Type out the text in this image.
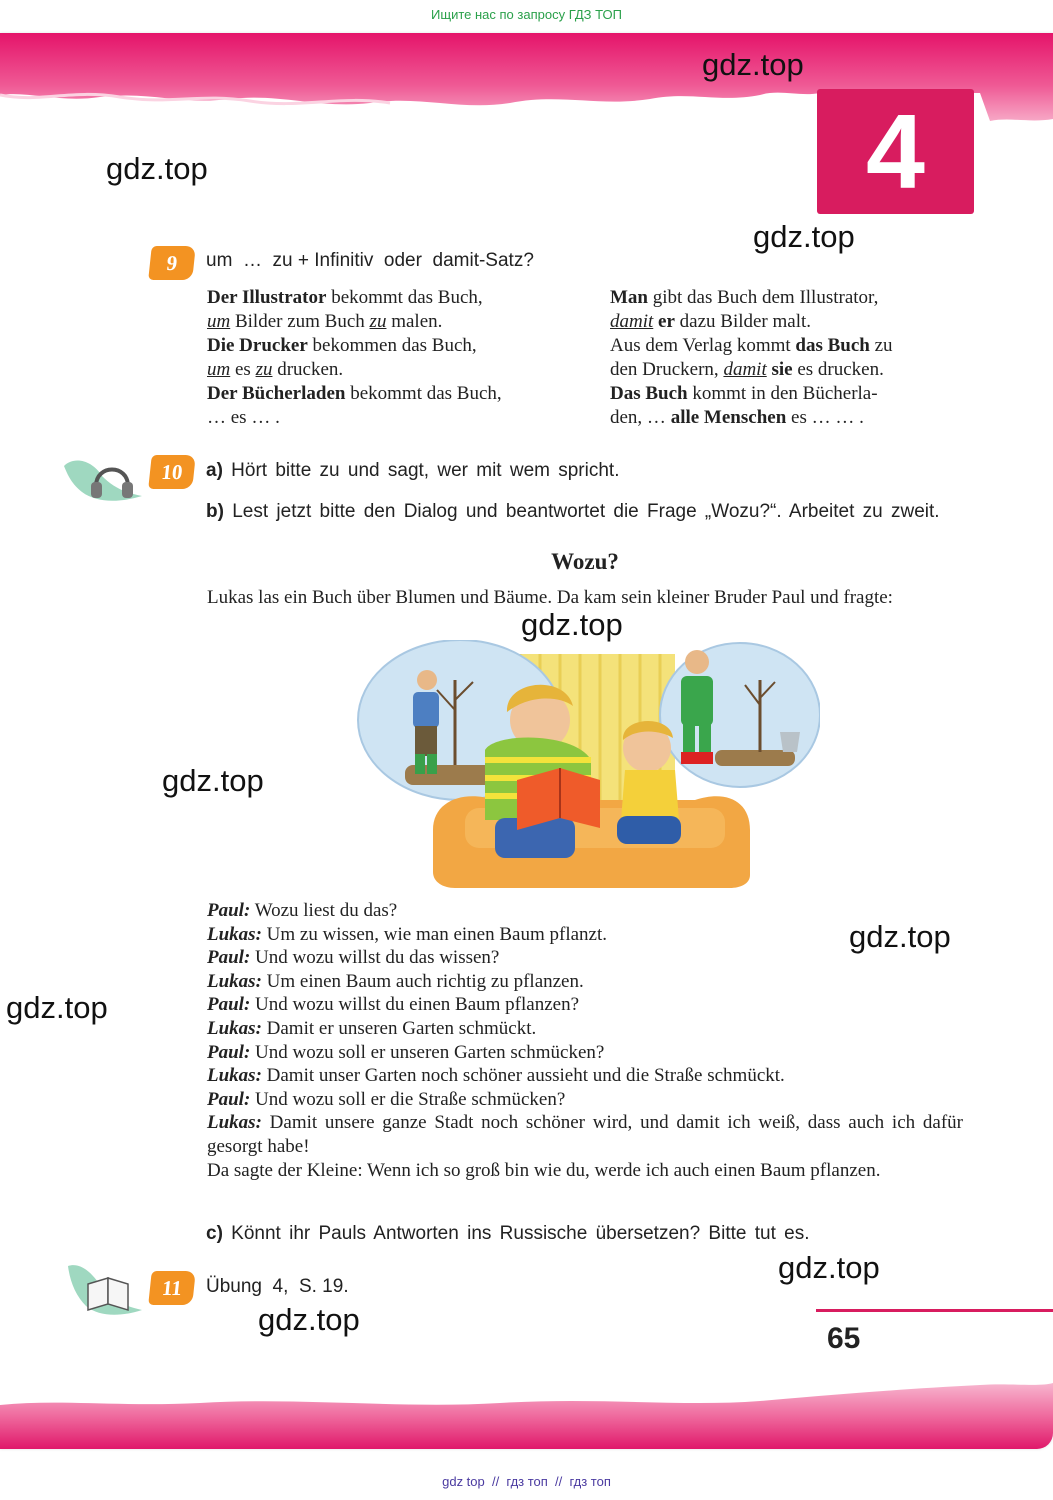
Ищите нас по запросу ГДЗ ТОП
4
gdz.top
gdz.top
gdz.top
gdz.top
gdz.top
gdz.top
gdz.top
gdz.top
gdz.top
9	um  …  zu + Infinitiv  oder  damit-Satz?

Der Illustrator bekommt das Buch,

um Bilder zum Buch zu malen.

Die Drucker bekommen das Buch,

um es zu drucken.

Der Bücherladen bekommt das Buch,

… es … .

Man gibt das Buch dem Illustrator,

damit er dazu Bilder malt.

Aus dem Verlag kommt das Buch zu

den Druckern, damit sie es drucken.

Das Buch kommt in den Bücherla-

den, … alle Menschen es … … .

10	a) Hört bitte zu und sagt, wer mit wem spricht.
b) Lest jetzt bitte den Dialog und beantwortet die Frage „Wozu?“. Arbeitet zu zweit.
Wozu?
Lukas las ein Buch über Blumen und Bäume. Da kam sein kleiner Bruder Paul und fragte:
Paul: Wozu liest du das?
Lukas: Um zu wissen, wie man einen Baum pflanzt.
Paul: Und wozu willst du das wissen?
Lukas: Um einen Baum auch richtig zu pflanzen.
Paul: Und wozu willst du einen Baum pflanzen?
Lukas: Damit er unseren Garten schmückt.
Paul: Und wozu soll er unseren Garten schmücken?
Lukas: Damit unser Garten noch schöner aussieht und die Straße schmückt.
Paul: Und wozu soll er die Straße schmücken?
Lukas: Damit unsere ganze Stadt noch schöner wird, und damit ich weiß, dass auch ich dafür gesorgt habe!
Da sagte der Kleine: Wenn ich so groß bin wie du, werde ich auch einen Baum pflanzen.
c) Könnt ihr Pauls Antworten ins Russische übersetzen? Bitte tut es.
11	Übung  4,  S. 19.
65
gdz top  //  гдз топ  //  гдз топ
